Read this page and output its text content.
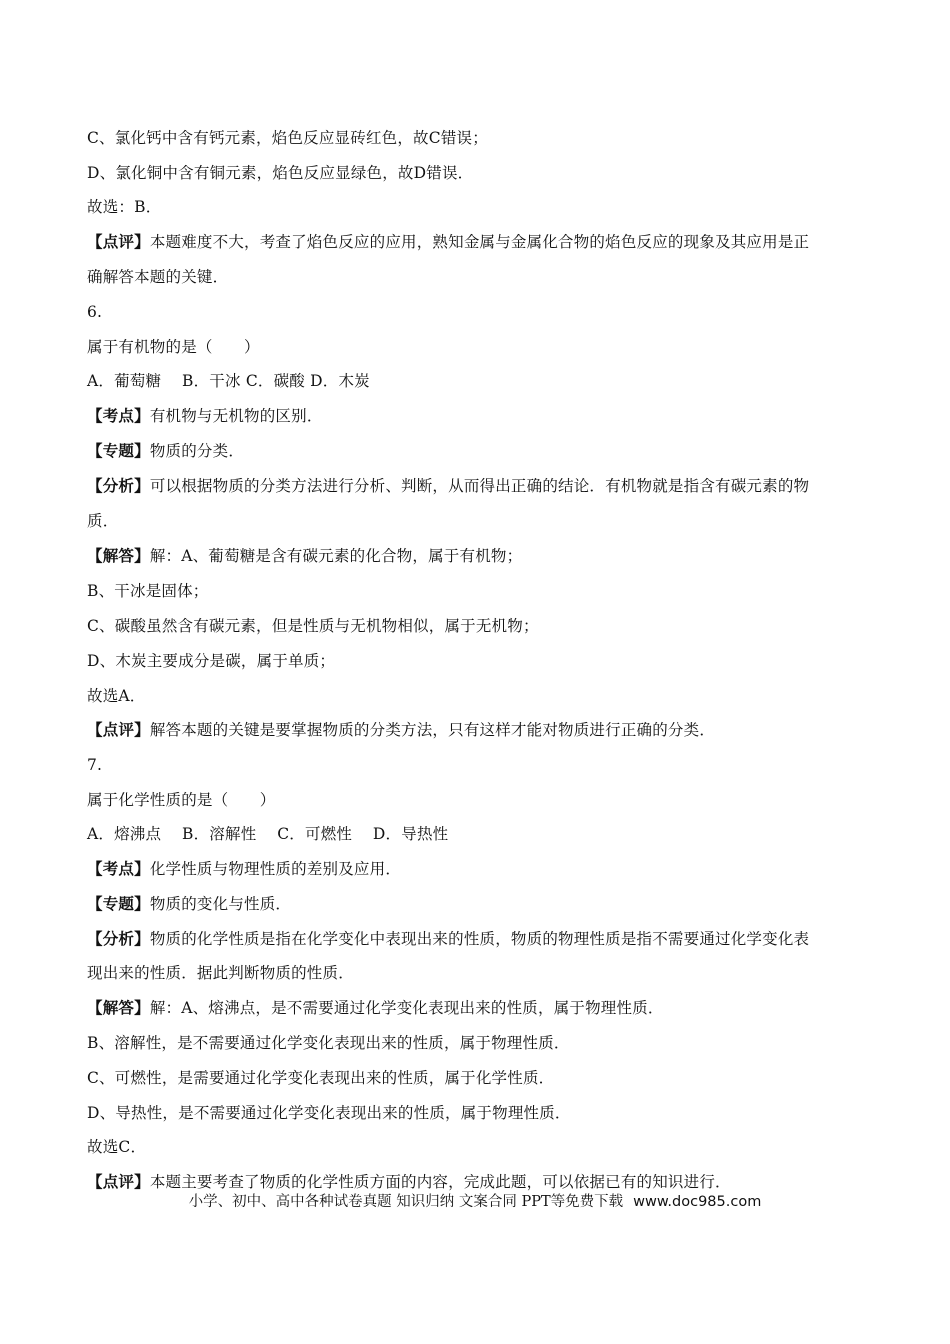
C、氯化钙中含有钙元素，焰色反应显砖红色，故C错误；
D、氯化铜中含有铜元素，焰色反应显绿色，故D错误．
故选：B．
【点评】本题难度不大，考查了焰色反应的应用，熟知金属与金属化合物的焰色反应的现象及其应用是正
确解答本题的关键．
6.
属于有机物的是（　　）
A．葡萄糖　 B．干冰 C．碳酸 D．木炭
【考点】有机物与无机物的区别．
【专题】物质的分类．
【分析】可以根据物质的分类方法进行分析、判断，从而得出正确的结论．有机物就是指含有碳元素的物
质．
【解答】解：A、葡萄糖是含有碳元素的化合物，属于有机物；
B、干冰是固体；
C、碳酸虽然含有碳元素，但是性质与无机物相似，属于无机物；
D、木炭主要成分是碳，属于单质；
故选A．
【点评】解答本题的关键是要掌握物质的分类方法，只有这样才能对物质进行正确的分类．
7.
属于化学性质的是（　　）
A．熔沸点　 B．溶解性　 C．可燃性　 D．导热性
【考点】化学性质与物理性质的差别及应用．
【专题】物质的变化与性质．
【分析】物质的化学性质是指在化学变化中表现出来的性质，物质的物理性质是指不需要通过化学变化表
现出来的性质．据此判断物质的性质．
【解答】解：A、熔沸点，是不需要通过化学变化表现出来的性质，属于物理性质．
B、溶解性，是不需要通过化学变化表现出来的性质，属于物理性质．
C、可燃性，是需要通过化学变化表现出来的性质，属于化学性质．
D、导热性，是不需要通过化学变化表现出来的性质，属于物理性质．
故选C．
【点评】本题主要考查了物质的化学性质方面的内容，完成此题，可以依据已有的知识进行．
小学、初中、高中各种试卷真题 知识归纳 文案合同 PPT等免费下载 www.doc985.com
